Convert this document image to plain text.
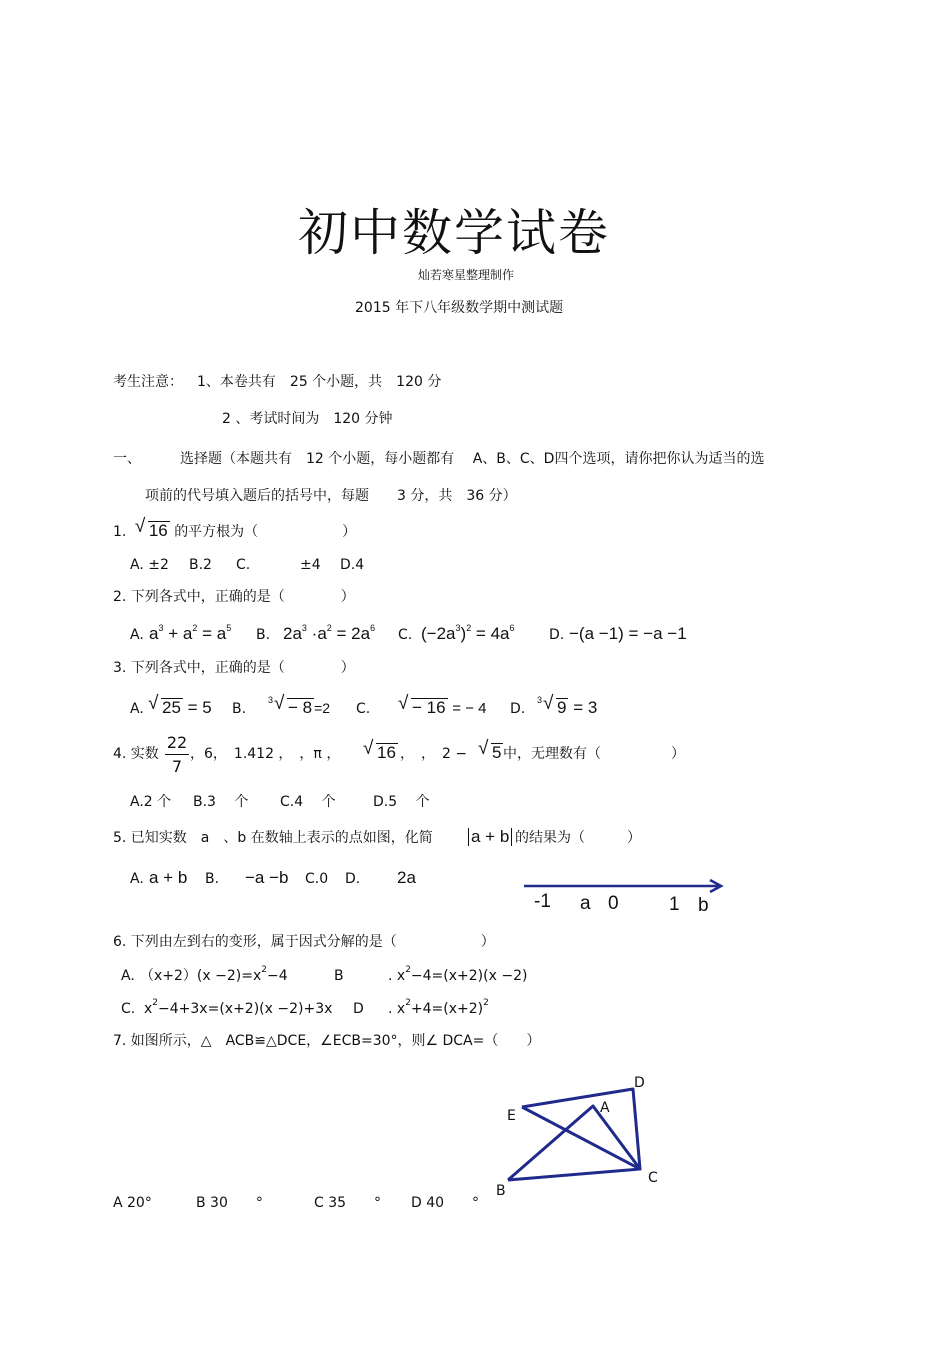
初中数学试卷
灿若寒星整理制作
2015 年下八年级数学期中测试题
考生注意： 1、本卷共有　25 个小题，共　120 分
2 、考试时间为　120 分钟
一、	选择题（本题共有　12 个小题，每小题都有　 A、B、C、D四个选项，请你把你认为适当的选
项前的代号填入题后的括号中，每题　　3 分，共　36 分）
1. √ 16 的平方根为（　　　　　　）
A. ±2 B.2 C.	±4 D.4
2. 下列各式中，正确的是（　　　　）
A. $a^3 + a^2 = a^5$ B. $2a^3 \cdot a^2 = 2a^6$ C. $(-2a^3)^2 = 4a^6$ D. −(a −1) = −a −1
3. 下列各式中，正确的是（　　　　）
A.	√ 25 = 5 B.
√ 3 − 8 =2 C.	√ − 16 = − 4 D.
√ 3 9 = 3
4. 实数
22
7
，6，　1.412 ，　，π ，	√ 16 ，　，　2 −	√ 5 中，无理数有（　　　　　）
A.2 个 B.3　 个 C.4　 个	D.5　 个
5. 已知实数　a　、b 在数轴上表示的点如图，化简 a + b 的结果为（　　　）
A. a + b B. −a −b C.0 D. 2a
-1 a 0	1 b
6. 下列由左到右的变形，属于因式分解的是（　　　　　　）
A. $(x+2)(x -2)=x^2-4$	B	. $x^2-4=(x+2)(x -2)$
C. $x^2-4+3x=(x+2)(x -2)+3x$ D . $x^2+4=(x+2)^2$
7. 如图所示，△　ACB≌△DCE，∠ECB=30°，则∠ DCA=（　　）
D
A
E
C
B
A 20°	B 30　　°	C 35　　° D 40　　°
